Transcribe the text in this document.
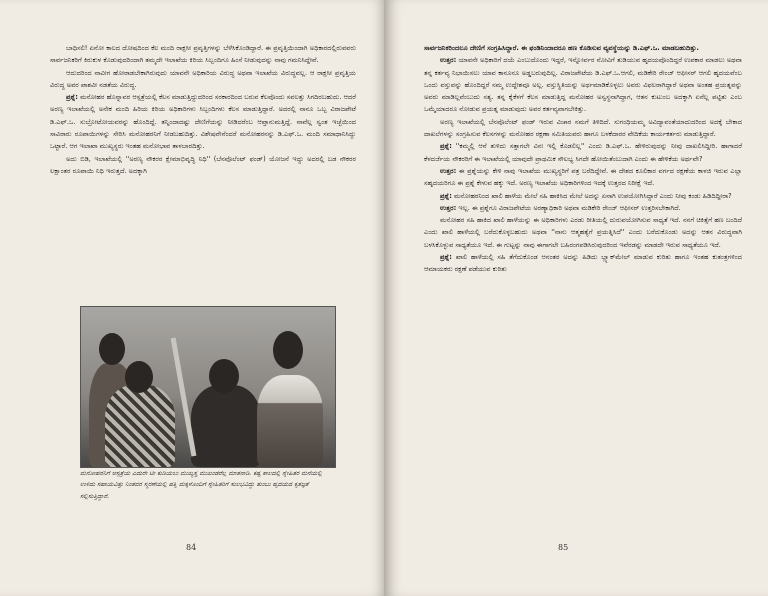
ಬಾಧಿಸಲಿ! ಏನೋ ಕಾಲದ ದೋಷದಿಂದ ಕೆಲ ಮಂದಿ ರಾಕ್ಷಸೀ ಪ್ರವೃತ್ತಿಗಳನ್ನು ಬೆಳೆಸಿಕೊಂಡಿದ್ದಾರೆ. ಈ ಪ್ರವೃತ್ತಿಯಿಂದಾಗಿ ಅಧಿಕಾರದಲ್ಲಿರುವವರು ಸಾರ್ವಜನಿಕರಿಗೆ ಕಿರುಕುಳ ಕೊಡುವುದರಿಂದಾಗಿ ತಮ್ಮದೇ ಇಲಾಖೆಯ ಕಿರಿಯ ಸಿಬ್ಬಂದಿಗೂ ಹಿಂಸೆ ನೀಡುವುದನ್ನು ನಾವು ಗಮನಿಸಿದ್ದೇವೆ.

ಆದುದರಿಂದ ನಾವೀಗ ಹೋರಾಡಬೇಕಾಗಿರುವುದು ಯಾವನೇ ಅಧಿಕಾರಿಯ ವಿರುದ್ಧ ಅಥವಾ ಇಲಾಖೆಯ ವಿರುದ್ಧವಲ್ಲ. ಆ ರಾಕ್ಷಸೀ ಪ್ರವೃತ್ತಿಯ ವಿರುದ್ಧ ಅವರ ಪಾಶವೀ ನಡತೆಯ ವಿರುದ್ಧ.

ಪ್ರಶ್ನೆ: ಮನೋಹರ ಹೊನ್ನಾವರ ಆಸ್ಪತ್ರೆಯಲ್ಲಿ ಕೆಲಸ ಮಾಡುತ್ತಿದ್ದುದರಿಂದ ಸರಕಾರದಿಂದ ಬರುವ ಕೆಲವೊಂದು ಸವಲತ್ತು ಸಿಗದಿರಬಹುದು. ಆದರೆ ಅರಣ್ಯ ಇಲಾಖೆಯಲ್ಲಿ ಅನೇಕ ಮಂದಿ ಹಿರಿಯ ಕಿರಿಯ ಅಧಿಕಾರಿಗಳು ಸಿಬ್ಬಂದಿಗಳು ಕೆಲಸ ಮಾಡುತ್ತಿದ್ದಾರೆ. ಅದರಲ್ಲಿ ನಾನೂ ಒಬ್ಬ ವಿರಾಜಪೇಟೆ ಡಿ.ಎಫ್.ಒ. ಸುಬ್ರೋಟೋಯವರನ್ನು ಹೊಂದಿದ್ದೆ. ತನ್ನಿಂದಾದಷ್ಟು ದೇಣಿಗೆಯನ್ನು ನೀಡಿದರೆಂಬ ಆಪ್ತಾನುಮತ್ತಿದ್ದೆ. ನಾವೆಲ್ಲ ಸ್ವಂತ ಇಚ್ಛೆಯಿಂದ ಸಾವಿರಾರು ರೂಪಾಯಿಗಳನ್ನು ಸೇರಿಸಿ ಮನೋಹರನಿಗೆ ನೀಡಬಹುದಿತ್ತು. ವಿಶೇಷವೇನೆಂದರೆ ಮನೋಹರನನ್ನು ಡಿ.ಎಫ್.ಒ. ಮಂದಿ ಸಮಾಧಾನಿಸಿದ್ದು ಒಟ್ಟಾರೆ. ಆಗ ಇಲಾಖಾ ಮುಖ್ಯಸ್ಥರು ಇಂತಹ ಮನೋಭಾವ ತಾಳಬಾರದಿತ್ತು.

ಅದು ಬಿಡಿ, ಇಲಾಖೆಯಲ್ಲಿ ''ಅರಣ್ಯ ನೌಕರರ ಕ್ಷೇಮಾಭಿವೃದ್ಧಿ ನಿಧಿ'' (ಬೆನವೊಲೆಂಟ್ ಫಂಡ್) ಯೋಜನೆ ಇದ್ದು ಅದರಲ್ಲಿ ಬಡ ನೌಕರರ ಲಕ್ಷಾಂತರ ರೂಪಾಯಿ ನಿಧಿ ಇರುತ್ತದೆ. ಅದಕ್ಕಾಗಿ

ಮನೋಹರನಿಗೆ ಆಸ್ಪತ್ರೆಯ ಎದುರೇ ಟೀ ಕುಡಿಯಲು ಮುಖ್ಯಸ್ಥ ಮುಖಂಡರೆಲ್ಲ ಮಾತನಾಡಿ. ಕಷ್ಟ ಕಾಲದಲ್ಲಿ ಸ್ನೇಹಿತರ ಮನೆಯಲ್ಲಿ ಉಳಿದು ಸಹಾಯವಿತ್ತು ನಿಂತವರ ಸ್ಮರಣೆಯಲ್ಲಿ ಪತ್ನಿ ಮಕ್ಕಳೊಂದಿಗೆ ಸ್ನೇಹಿತರಿಗೆ ಸುಲಭವಿದ್ದು ತುಂಬು ಹೃದಯದ ಕೃತಜ್ಞತೆ ಸಲ್ಲಿಸುತ್ತಿದ್ದಾರೆ.
84

ಸಾರ್ವಜನಿಕರಿಂದಲೂ ದೇಣಿಗೆ ಸಂಗ್ರಹಿಸಿದ್ದಾರೆ. ಈ ಫಂಡಿನಿಂದಾದರೂ ಹಣ ಕೊಡಿಸುವ ವ್ಯವಸ್ಥೆಯನ್ನು ಡಿ.ಎಫ್.ಒ. ಮಾಡಬಹುದಿತ್ತು.

ಉತ್ತರ: ಯಾವನೇ ಅಧಿಕಾರಿಗೆ ದಯೆ ಎಂಬುದೊಂದು ಇದ್ದರೆ, ಇನ್ನೋರ್ವರ ನೋವಿಗೆ ತುಡಿಯುವ ಹೃದಯವೊಂದಿದ್ದರೆ ಉಪಕಾರ ಮಾಡಲು ಅಥವಾ ತನ್ನ ಕರ್ತವ್ಯ ನಿಭಾಯಿಸಲು ಯಾವ ಕಾನೂನೂ ಅಡ್ಡಬರುವುದಿಲ್ಲ. ವಿರಾಜಪೇಟೆಯ ಡಿ.ಎಫ್.ಒ.ಆಗಲಿ, ಮಡಿಕೇರಿ ರೇಂಜ್ ಆಫೀಸರ್ ಆಗಲಿ ಹೃದಯವೆಂಬ ಒಂದು ವಸ್ತುವನ್ನು ಹೊಂದಿದ್ದರೆ ನಮ್ಮ ಉದ್ದೇಶವೂ ಅಲ್ಲ. ವಸ್ತುಸ್ಥಿತಿಯನ್ನು ಅರ್ಥಮಾಡಿಕೊಳ್ಳಲು ಅವರು ವಿಫಲರಾಗಿದ್ದಾರೆ ಅಥವಾ ಅಂತಹ ಪ್ರಯತ್ನವನ್ನು ಅವರು ಮಾಡಿಲ್ಲವೆಂಬುದು ಸತ್ಯ. ತನ್ನ ಕೈಕೆಳಗೆ ಕೆಲಸ ಮಾಡುತ್ತಿದ್ದ ಮನೋಹರ ಅಸ್ವಸ್ಥನಾಗಿದ್ದಾಗ, ಆತನ ಕುಟುಂಬ ಅದಕ್ಕಾಗಿ ಏನೆಲ್ಲ ಪಟ್ಟಿತು ಎಂಬ ಒಮ್ಮೆಯಾದರೂ ನೋಡುವ ಪ್ರಯತ್ನ ಮಾಡುವುದು ಅವರ ಕರ್ತವ್ಯವಾಗಬೇಕಿತ್ತು.

ಅರಣ್ಯ ಇಲಾಖೆಯಲ್ಲಿ ಬೆನವೊಲೆಂಟ್ ಫಂಡ್ ಇರುವ ವಿಚಾರ ನಮಗೆ ತಿಳಿದಿದೆ. ಸುಗಂಧಿಯಮ್ಮ ಅವಿದ್ಯಾವಂತೆಯಾದುದರಿಂದ ಅದಕ್ಕೆ ಬೇಕಾದ ದಾಖಲೆಗಳನ್ನು ಸಂಗ್ರಹಿಸುವ ಕೆಲಸಗಳನ್ನು ಮನೋಹರ ರಕ್ಷಣಾ ಸಮಿತಿಯವರು ಹಾಗೂ ಬಳಕೆದಾರರ ವೇದಿಕೆಯ ಕಾರ್ಯಕರ್ತರು ಮಾಡುತ್ತಿದ್ದಾರೆ.

ಪ್ರಶ್ನೆ: ''ಕಮ್ಮಲ್ಲಿ ಆನೆ ತುಳಿದು ಸತ್ತಾಗಲೇ ವಿನಃ ಇಲ್ಲಿ ಕೊಡಲಿಲ್ಲ'' ಎಂದು ಡಿ.ಎಫ್.ಒ. ಹೇಳಿರುವುದನ್ನು ನೀವು ದಾಖಲಿಸಿದ್ದೀರಿ. ಹಾಗಾದರೆ ಕೆಳದರ್ಜೆಯ ನೌಕರರಿಗೆ ಈ ಇಲಾಖೆಯಲ್ಲಿ ಯಾವುದೇ ಪ್ರಾಥಮಿಕ ಸೌಲಭ್ಯ ಸಿಗದೇ ಹೋಯಿತೆಂಬುದಾಗಿ ಎಂದು ಈ ಹೇಳಿಕೆಯ ಅರ್ಥವೇ?

ಉತ್ತರ: ಈ ಪ್ರಶ್ನೆಯನ್ನು ಕೇಳಿ ನಾವು ಇಲಾಖೆಯ ಮುಖ್ಯಸ್ಥರಿಗೆ ಪತ್ರ ಬರೆದಿದ್ದೇವೆ. ಈ ದೇಶದ ಕೂಲಿಕಾರ ವರ್ಗದ ರಕ್ಷಣೆಯ ಕಾಳಜಿ ಇರುವ ಎಲ್ಲಾ ಸಹೃದಯರಿಗೂ ಈ ಪ್ರಶ್ನೆ ಕೇಳುವ ಹಕ್ಕು ಇದೆ. ಅರಣ್ಯ ಇಲಾಖೆಯ ಅಧಿಕಾರಿಗಳಿಂದ ಇದಕ್ಕೆ ಉತ್ತರದ ನಿರೀಕ್ಷೆ ಇದೆ.

ಪ್ರಶ್ನೆ: ಮನೋಹರನಿಂದ ಖಾಲಿ ಹಾಳೆಯ ಮೇಲೆ ಸಹಿ ಹಾಕಿಸಿದ ಮೇಲೆ ಅದನ್ನು ಏನಾಗಿ ಉಪಯೋಗಿಸಿದ್ದಾರೆ ಎಂದು ನೀವು ಕಂಡು ಹಿಡಿದಿದ್ದೀರಾ?

ಉತ್ತರ: ಇಲ್ಲ. ಈ ಪ್ರಶ್ನೆಗೂ ವಿರಾಜಪೇಟೆಯ ಅರಣ್ಯಾಧಿಕಾರಿ ಅಥವಾ ಮಡಿಕೇರಿ ರೇಂಜ್ ಆಫೀಸರ್ ಉತ್ತರಿಸಬೇಕಾಗಿದೆ.

ಮನೋಹರ ಸಹಿ ಹಾಕಿದ ಖಾಲಿ ಹಾಳೆಯನ್ನು ಈ ಅಧಿಕಾರಿಗಳು ಎರಡು ರೀತಿಯಲ್ಲಿ ದುರುಪಯೋಗಿಸುವ ಸಾಧ್ಯತೆ ಇದೆ. ನನಗೆ ಚಿಕಿತ್ಸೆಗೆ ಹಣ ಬಂದಿದೆ ಎಂದು ಖಾಲಿ ಹಾಳೆಯಲ್ಲಿ ಬರೆದುಕೊಳ್ಳಬಹುದು ಅಥವಾ ''ನಾನು ಆತ್ಮಹತ್ಯೆಗೆ ಪ್ರಯತ್ನಿಸಿದೆ'' ಎಂದು ಬರೆದುಕೊಂಡು ಅದನ್ನು ಆತನ ವಿರುದ್ಧವಾಗಿ ಬಳಸಿಕೊಳ್ಳುವ ಸಾಧ್ಯತೆಯೂ ಇದೆ. ಈ ಗುಟ್ಟನ್ನು ನಾವು ಈಗಾಗಲೇ ಬಹಿರಂಗಪಡಿಸಿರುವುದರಿಂದ ಇವೆರಡನ್ನು ಮಾಡದೇ ಇರುವ ಸಾಧ್ಯತೆಯೂ ಇದೆ.

ಪ್ರಶ್ನೆ: ಖಾಲಿ ಹಾಳೆಯಲ್ಲಿ ಸಹಿ ತೆಗೆದುಕೊಂಡ ಆನಂತರ ಅದನ್ನು ಹಿಡಿದು ಬ್ಲ್ಯಾಕ್‌ಮೇಲ್ ಮಾಡುವ ಕುರಿತು ಹಾಗೂ ಇಂತಹ ಕುತಂತ್ರಗಳಿಂದ ಆಮಾಯಕರು ರಕ್ಷಣೆ ಪಡೆಯುವ ಕುರಿತು

85
